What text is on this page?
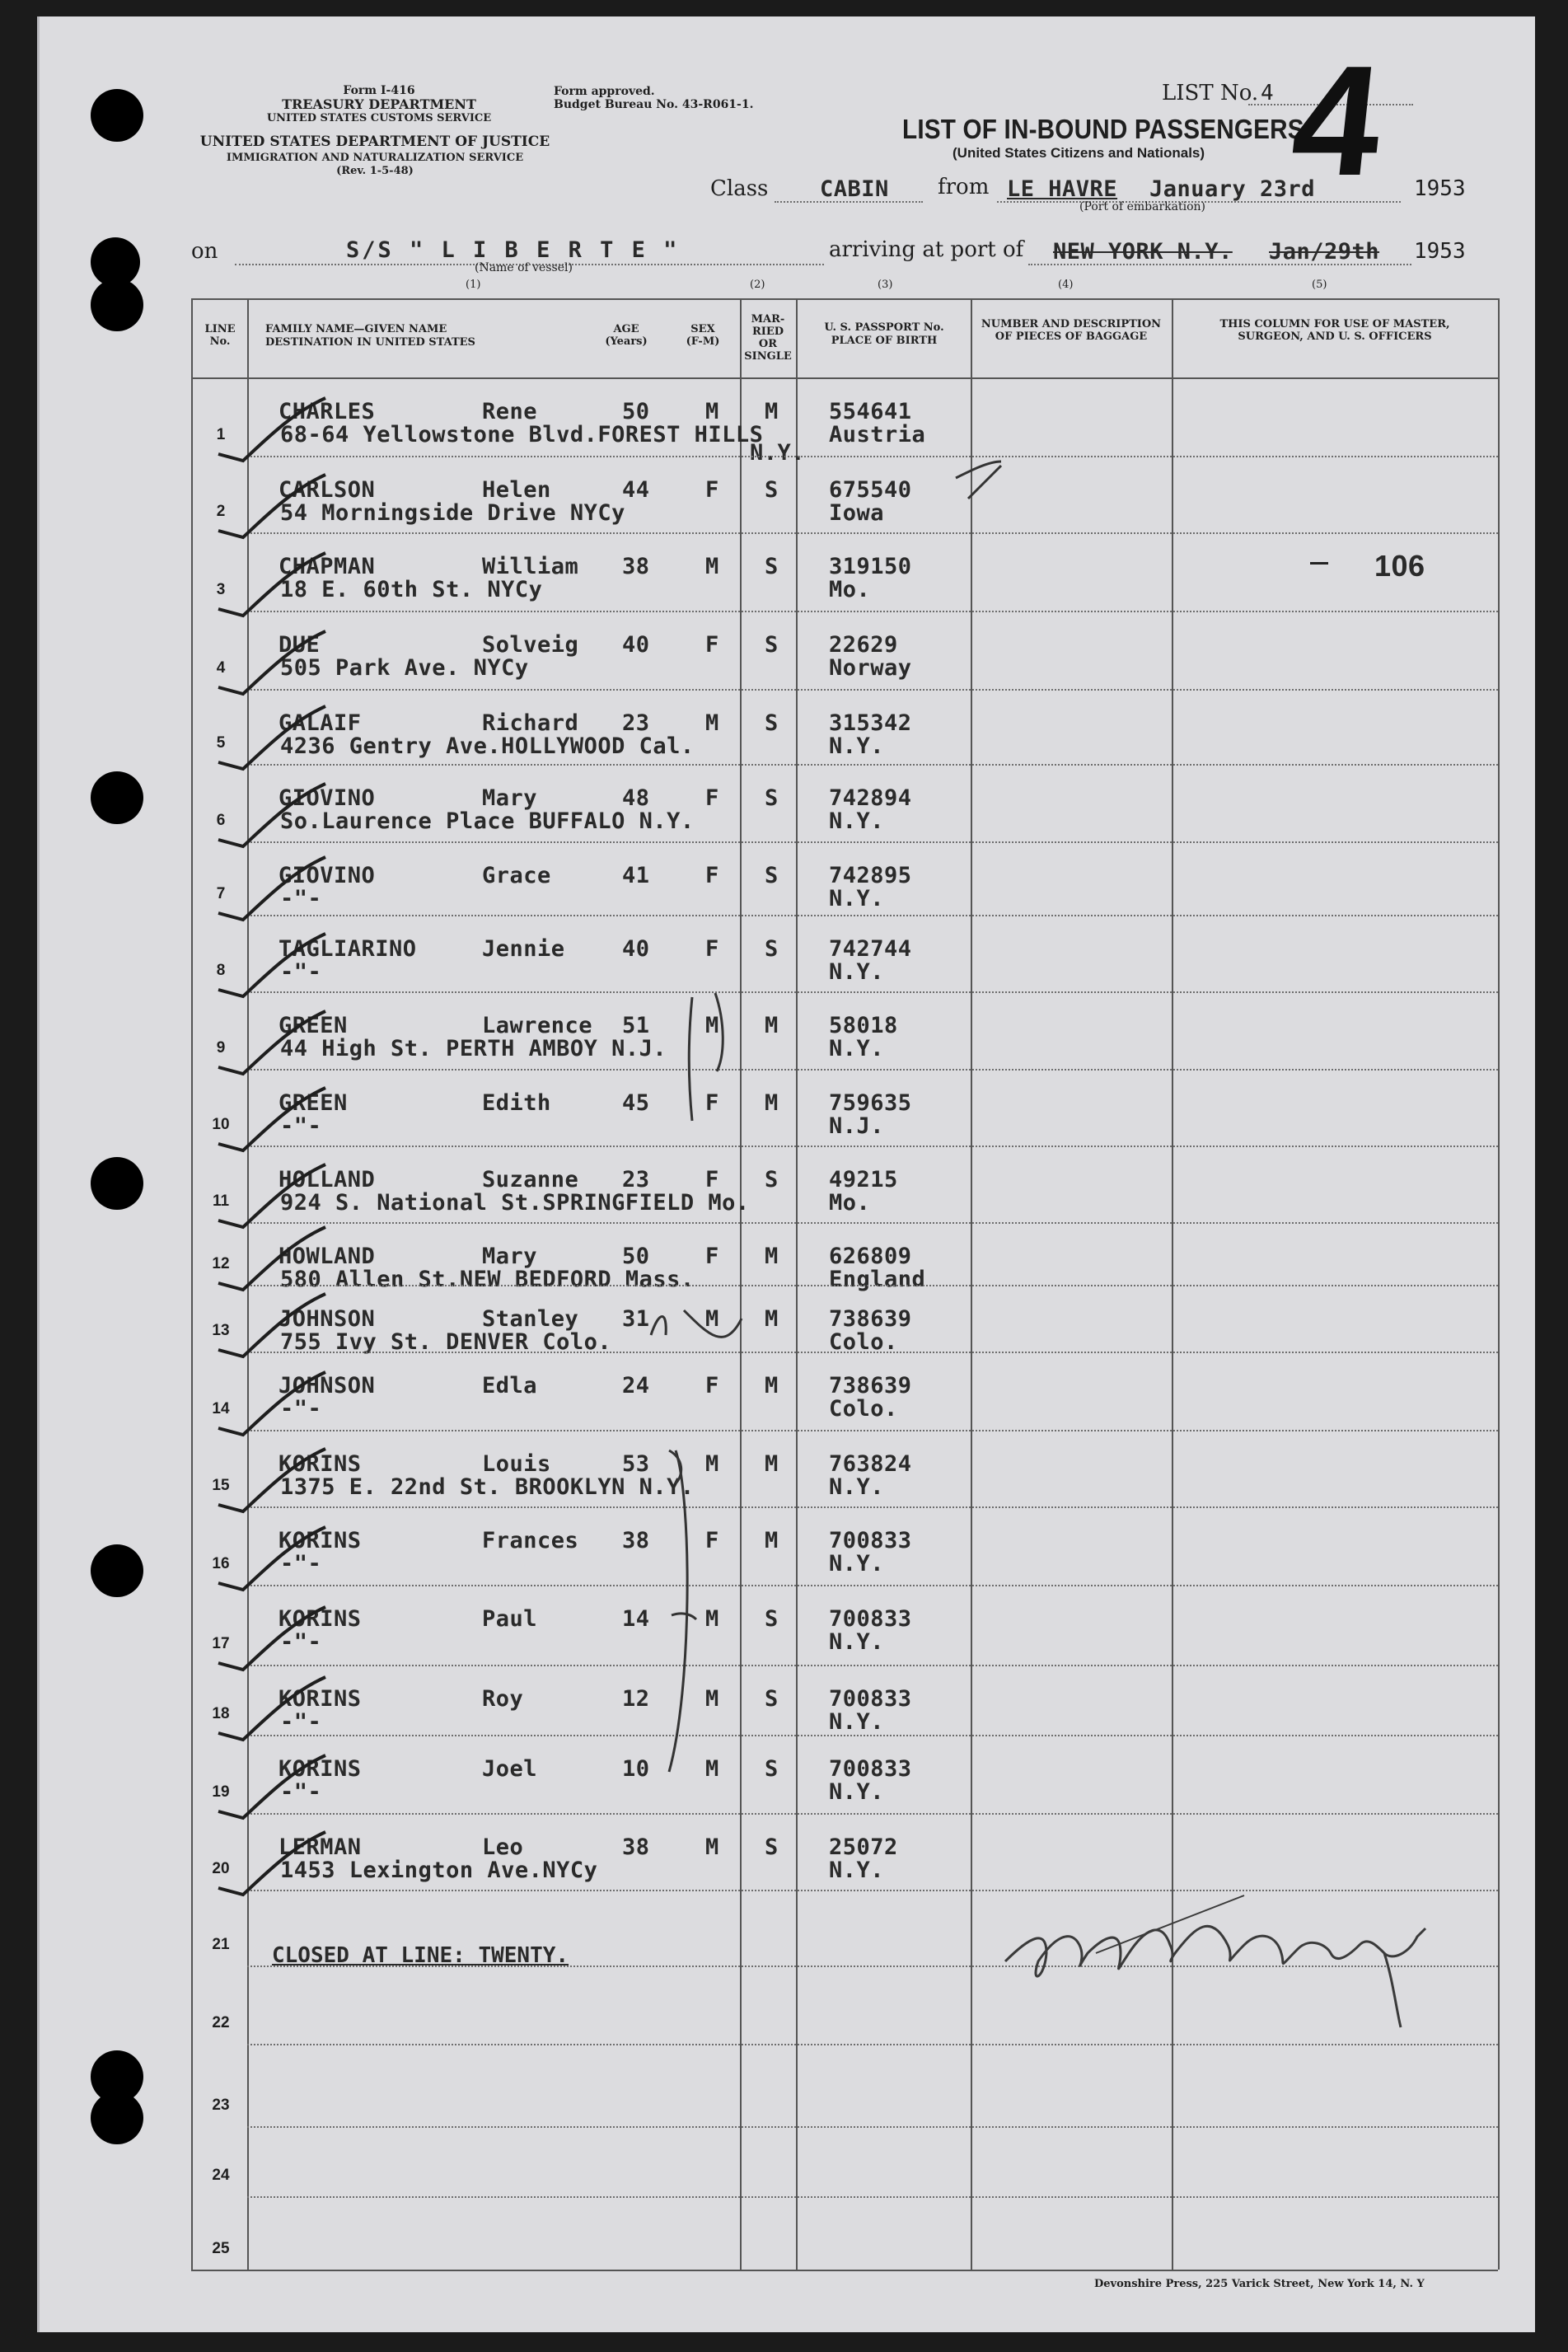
Form I-416
TREASURY DEPARTMENT
UNITED STATES CUSTOMS SERVICE
UNITED STATES DEPARTMENT OF JUSTICE
IMMIGRATION AND NATURALIZATION SERVICE
(Rev. 1-5-48)
Form approved.
Budget Bureau No. 43-R061-1.	LIST No. 4
LIST OF IN-BOUND PASSENGERS
(United States Citizens and Nationals) 4
Class CABIN from LE HAVRE January 23rd
(Port of embarkation)
1953
on	S/S " L I B E R T E "
(Name of vessel)
arriving at port of NEW YORK N.Y. Jan/29th 1953
(1)	(2)	(3)	(4)	(5)
LINE No.
FAMILY NAME—GIVEN NAME
DESTINATION IN UNITED STATES
AGE (Years)
SEX (F-M)
MAR-RIED OR SINGLE
U. S. PASSPORT No.
PLACE OF BIRTH
NUMBER AND DESCRIPTION OF PIECES OF BAGGAGE
THIS COLUMN FOR USE OF MASTER, SURGEON, AND U. S. OFFICERS
CHARLES	Rene	50 M M 554641
68-64 Yellowstone Blvd.FOREST HILLS	Austria
N.Y.
1
CARLSON	Helen	44 F S 675540
54 Morningside Drive NYCy	Iowa
2
CHAPMAN	William 38 M S 319150
18 E. 60th St. NYCy	Mo.
3
DUE	Solveig 40 F S 22629
505 Park Ave. NYCy	Norway
4
GALAIF	Richard 23 M S 315342
4236 Gentry Ave.HOLLYWOOD Cal.	N.Y.
5
GIOVINO	Mary	48 F S 742894
So.Laurence Place BUFFALO N.Y.	N.Y.
6
GIOVINO	Grace	41 F S 742895
-"-	N.Y.
7
TAGLIARINO	Jennie	40 F S 742744
-"-	N.Y.
8
GREEN	Lawrence 51 M M 58018
44 High St. PERTH AMBOY N.J.	N.Y.
9
GREEN	Edith	45 F M 759635
-"-	N.J.
10
HOLLAND	Suzanne 23 F S 49215
924 S. National St.SPRINGFIELD Mo.	Mo.
11
HOWLAND	Mary	50 F M 626809
580 Allen St.NEW BEDFORD Mass.	England
12
JOHNSON	Stanley 31 M M 738639
755 Ivy St. DENVER Colo.	Colo.
13
JOHNSON	Edla	24 F M 738639
-"-	Colo.
14
KORINS	Louis	53 M M 763824
1375 E. 22nd St. BROOKLYN N.Y.	N.Y.
15
KORINS	Frances 38 F M 700833
-"-	N.Y.
16
KORINS	Paul	14 M S 700833
-"-	N.Y.
17
KORINS	Roy	12 M S 700833
-"-	N.Y.
18
KORINS	Joel	10 M S 700833
-"-	N.Y.
19
LERMAN	Leo	38 M S 25072
1453 Lexington Ave.NYCy	N.Y.
20
21
22
23
24
25
CLOSED AT LINE: TWENTY.
106
Devonshire Press, 225 Varick Street, New York 14, N. Y
